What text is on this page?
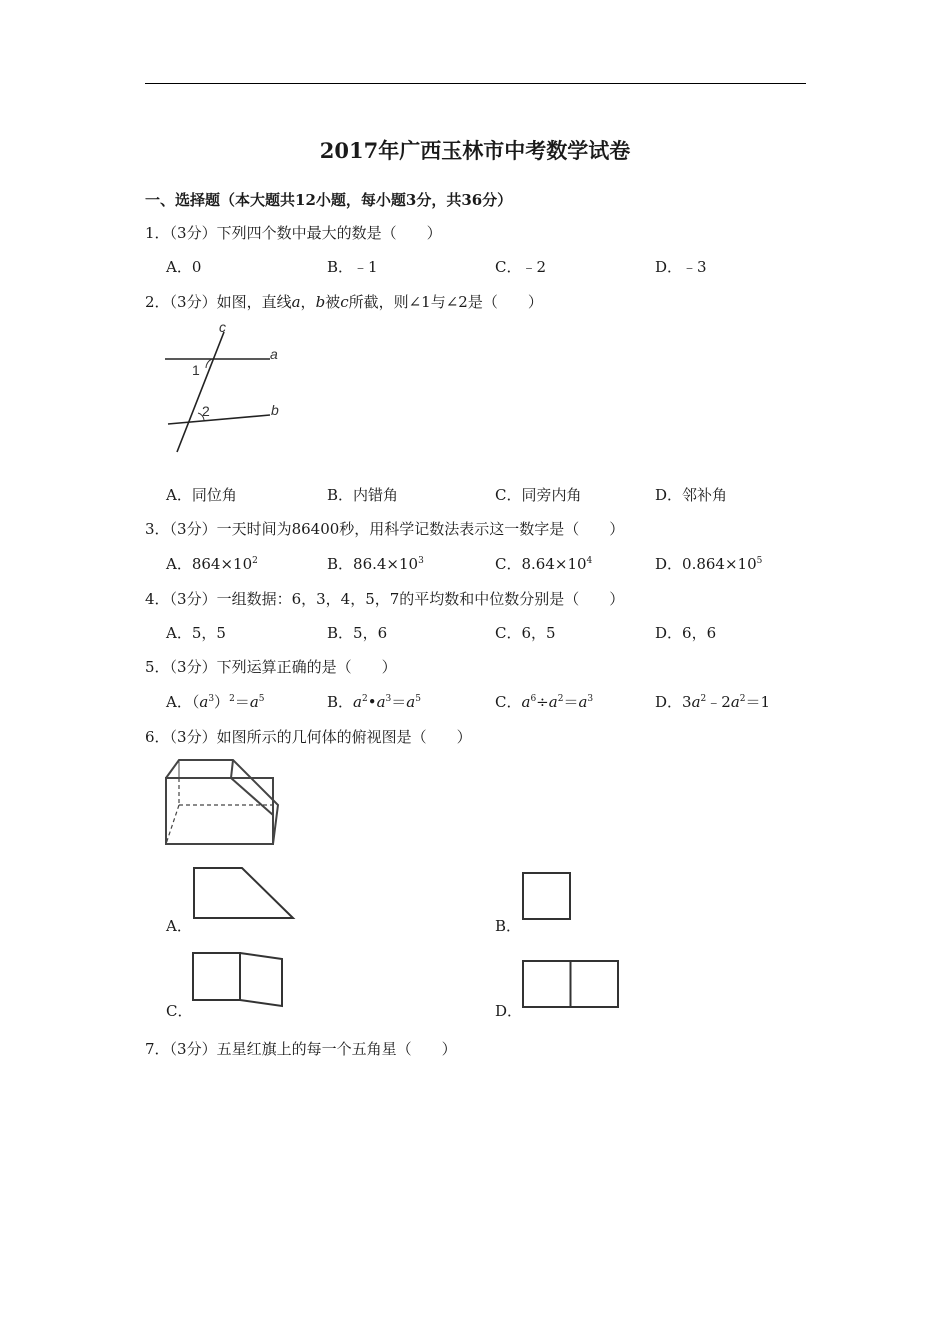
2017年广西玉林市中考数学试卷
一、选择题（本大题共12小题，每小题3分，共36分）
1．（3分）下列四个数中最大的数是（　　）
A．0	B．﹣1	C．﹣2	D．﹣3
2．（3分）如图，直线a，b被c所截，则∠1与∠2是（　　）
c
a
b
1
2
A．同位角	B．内错角	C．同旁内角	D．邻补角
3．（3分）一天时间为86400秒，用科学记数法表示这一数字是（　　）
A．$864\times 10^2$	B．$86.4\times 10^3$	C．$8.64\times 10^4$	D．$0.864\times 10^5$
4．（3分）一组数据：6，3，4，5，7的平均数和中位数分别是（　　）
A．5，5	B．5，6	C．6，5	D．6，6
5．（3分）下列运算正确的是（　　）
A．$(a^3)^2=a^5$	B．$a^2•a^3=a^5$	C．$a^6\div a^2=a^3$	D．$3a^2﹣2a^2=1$
6．（3分）如图所示的几何体的俯视图是（　　）
A．	B．
C．	D．
7．（3分）五星红旗上的每一个五角星（　　）
